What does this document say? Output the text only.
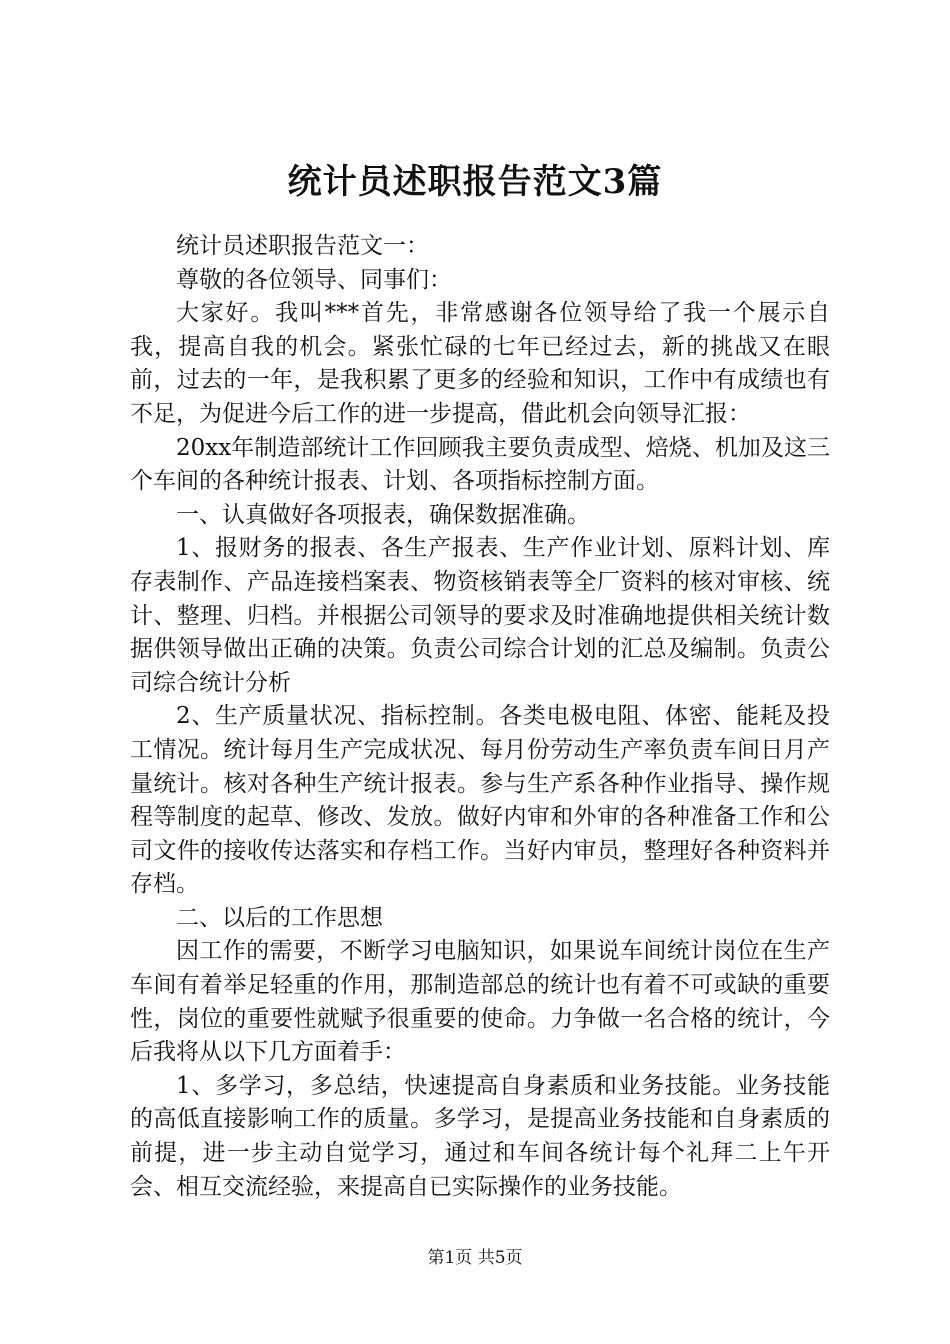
统计员述职报告范文3篇

统计员述职报告范文一：

尊敬的各位领导、同事们：

大家好。我叫***首先，非常感谢各位领导给了我一个展示自我，提高自我的机会。紧张忙碌的七年已经过去，新的挑战又在眼前，过去的一年，是我积累了更多的经验和知识，工作中有成绩也有不足，为促进今后工作的进一步提高，借此机会向领导汇报：

20xx年制造部统计工作回顾我主要负责成型、焙烧、机加及这三个车间的各种统计报表、计划、各项指标控制方面。

一、认真做好各项报表，确保数据准确。

1、报财务的报表、各生产报表、生产作业计划、原料计划、库存表制作、产品连接档案表、物资核销表等全厂资料的核对审核、统计、整理、归档。并根据公司领导的要求及时准确地提供相关统计数据供领导做出正确的决策。负责公司综合计划的汇总及编制。负责公司综合统计分析

2、生产质量状况、指标控制。各类电极电阻、体密、能耗及投工情况。统计每月生产完成状况、每月份劳动生产率负责车间日月产量统计。核对各种生产统计报表。参与生产系各种作业指导、操作规程等制度的起草、修改、发放。做好内审和外审的各种准备工作和公司文件的接收传达落实和存档工作。当好内审员，整理好各种资料并存档。

二、以后的工作思想

因工作的需要，不断学习电脑知识，如果说车间统计岗位在生产车间有着举足轻重的作用，那制造部总的统计也有着不可或缺的重要性，岗位的重要性就赋予很重要的使命。力争做一名合格的统计，今后我将从以下几方面着手：

1、多学习，多总结，快速提高自身素质和业务技能。业务技能的高低直接影响工作的质量。多学习，是提高业务技能和自身素质的前提，进一步主动自觉学习，通过和车间各统计每个礼拜二上午开会、相互交流经验，来提高自已实际操作的业务技能。

第1页 共5页
